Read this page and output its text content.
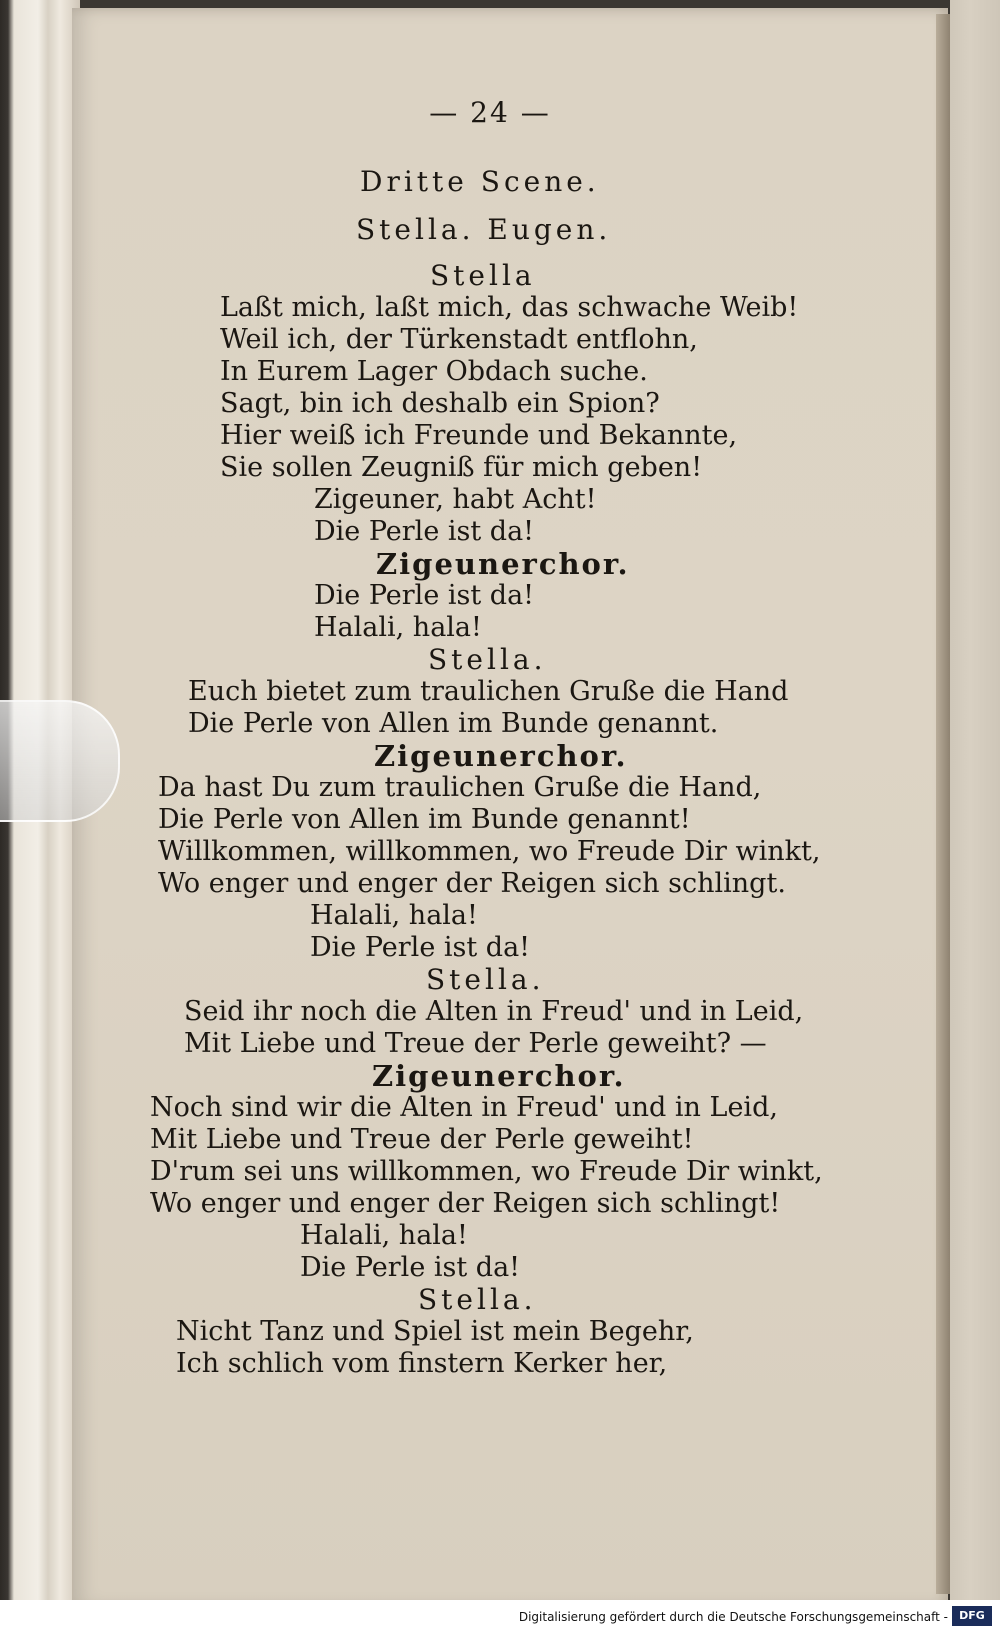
— 24 —
Dritte Scene.
Stella. Eugen.
Stella
Laßt mich, laßt mich, das schwache Weib!
Weil ich, der Türkenstadt entflohn,
In Eurem Lager Obdach suche.
Sagt, bin ich deshalb ein Spion?
Hier weiß ich Freunde und Bekannte,
Sie sollen Zeugniß für mich geben!
Zigeuner, habt Acht!
Die Perle ist da!
Zigeunerchor.
Die Perle ist da!
Halali, hala!
Stella.
Euch bietet zum traulichen Gruße die Hand
Die Perle von Allen im Bunde genannt.
Zigeunerchor.
Da hast Du zum traulichen Gruße die Hand,
Die Perle von Allen im Bunde genannt!
Willkommen, willkommen, wo Freude Dir winkt,
Wo enger und enger der Reigen sich schlingt.
Halali, hala!
Die Perle ist da!
Stella.
Seid ihr noch die Alten in Freud' und in Leid,
Mit Liebe und Treue der Perle geweiht? —
Zigeunerchor.
Noch sind wir die Alten in Freud' und in Leid,
Mit Liebe und Treue der Perle geweiht!
D'rum sei uns willkommen, wo Freude Dir winkt,
Wo enger und enger der Reigen sich schlingt!
Halali, hala!
Die Perle ist da!
Stella.
Nicht Tanz und Spiel ist mein Begehr,
Ich schlich vom finstern Kerker her,
Digitalisierung gefördert durch die Deutsche Forschungsgemeinschaft -	DFG
